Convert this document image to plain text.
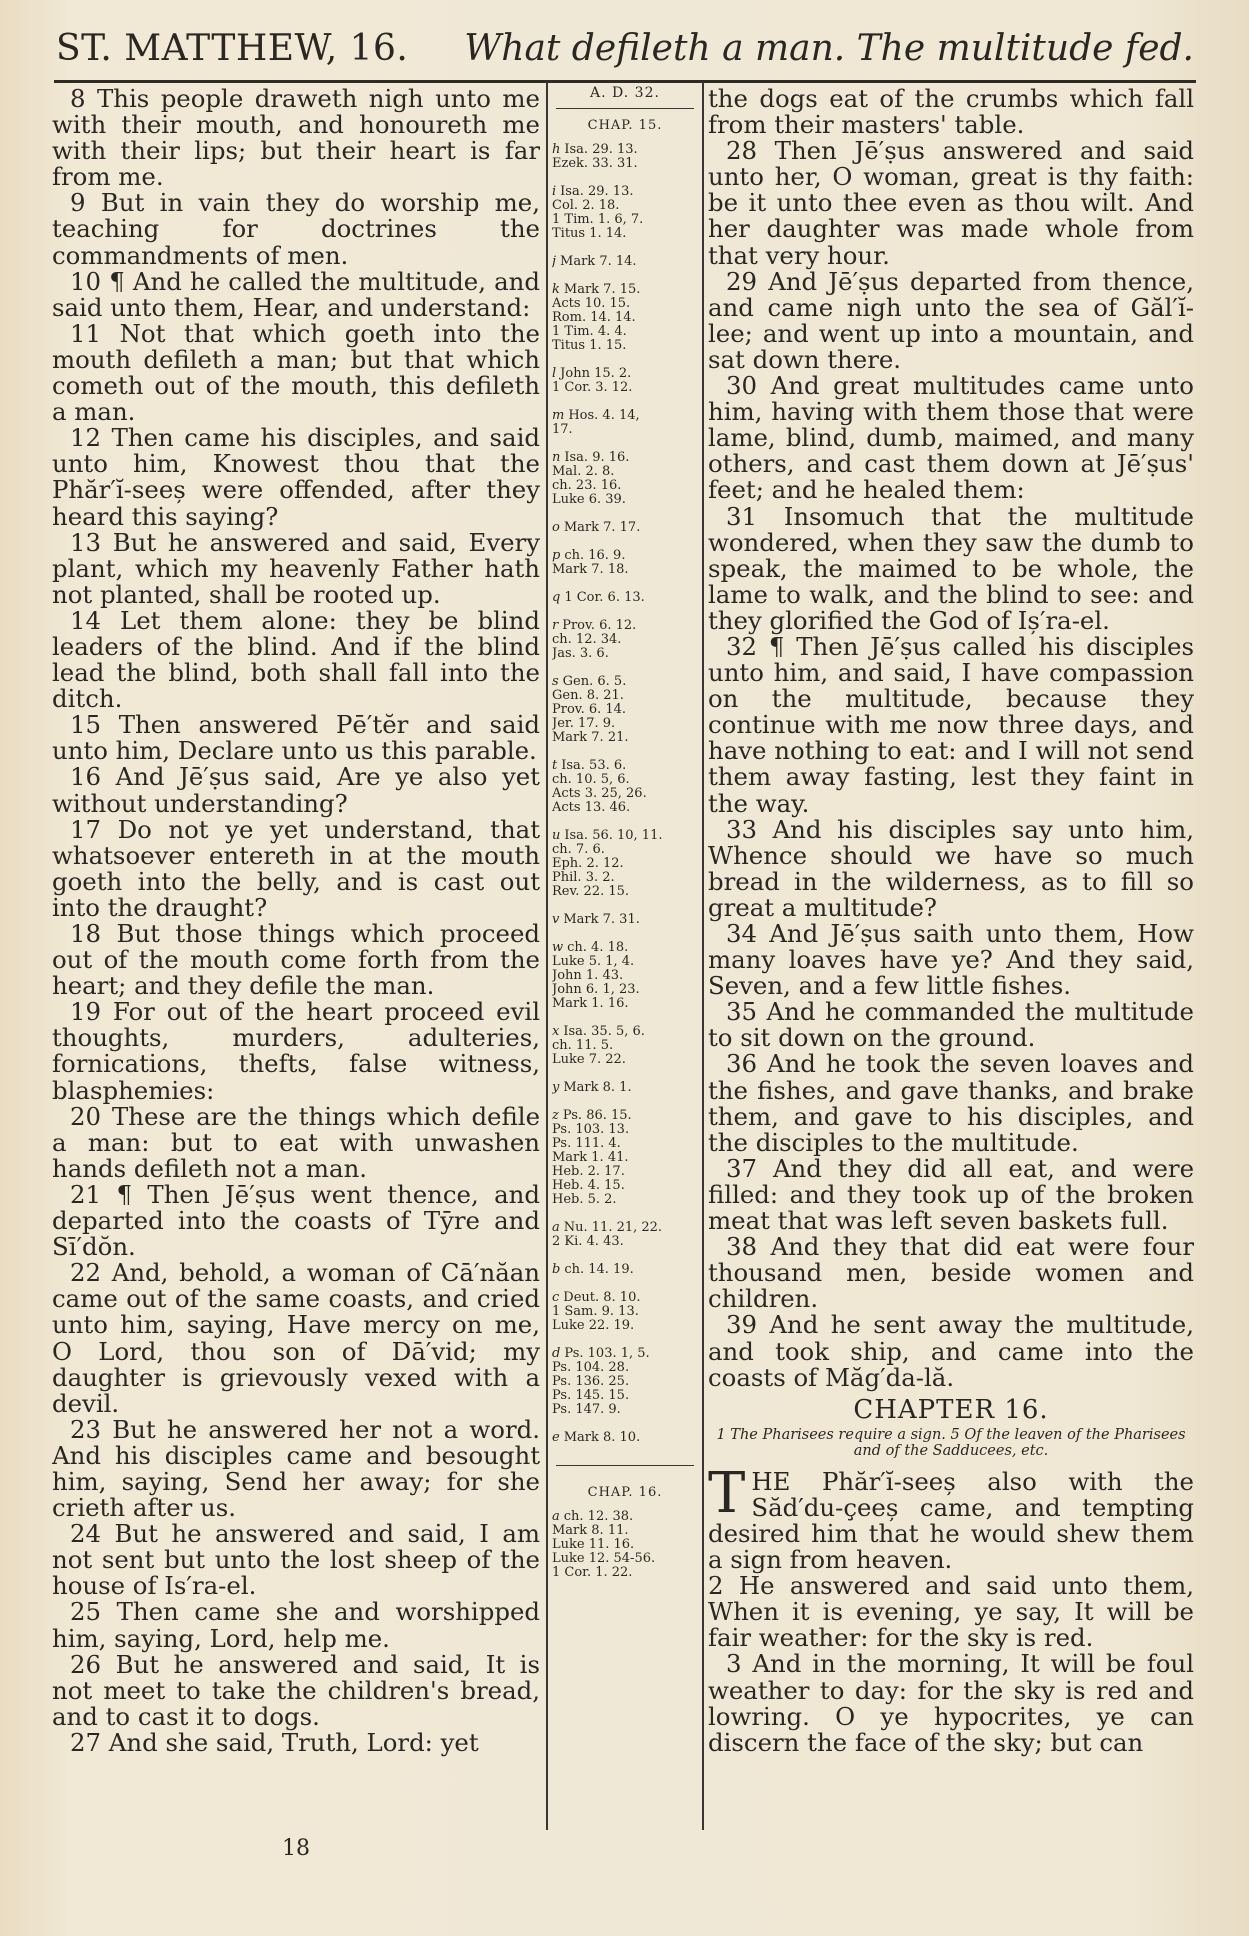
ST. MATTHEW, 16. What defileth a man. The multitude fed.

8 This people draweth nigh unto me with their mouth, and honoureth me with their lips; but their heart is far from me.

9 But in vain they do worship me, teaching for doctrines the commandments of men.

10 ¶ And he called the multitude, and said unto them, Hear, and understand:

11 Not that which goeth into the mouth defileth a man; but that which cometh out of the mouth, this defileth a man.

12 Then came his disciples, and said unto him, Knowest thou that the Phăr′ĭ-seeș were offended, after they heard this saying?

13 But he answered and said, Every plant, which my heavenly Father hath not planted, shall be rooted up.

14 Let them alone: they be blind leaders of the blind. And if the blind lead the blind, both shall fall into the ditch.

15 Then answered Pē′tĕr and said unto him, Declare unto us this parable.

16 And Jē′ṣus said, Are ye also yet without understanding?

17 Do not ye yet understand, that whatsoever entereth in at the mouth goeth into the belly, and is cast out into the draught?

18 But those things which proceed out of the mouth come forth from the heart; and they defile the man.

19 For out of the heart proceed evil thoughts, murders, adulteries, fornications, thefts, false witness, blasphemies:

20 These are the things which defile a man: but to eat with unwashen hands defileth not a man.

21 ¶ Then Jē′ṣus went thence, and departed into the coasts of Tȳre and Sī′dŏn.

22 And, behold, a woman of Cā′năan came out of the same coasts, and cried unto him, saying, Have mercy on me, O Lord, thou son of Dā′vid; my daughter is grievously vexed with a devil.

23 But he answered her not a word. And his disciples came and besought him, saying, Send her away; for she crieth after us.

24 But he answered and said, I am not sent but unto the lost sheep of the house of Is′ra-el.

25 Then came she and worshipped him, saying, Lord, help me.

26 But he answered and said, It is not meet to take the children's bread, and to cast it to dogs.

27 And she said, Truth, Lord: yet

A. D. 32.
CHAP. 15.
h Isa. 29. 13.
Ezek. 33. 31.
i Isa. 29. 13.
Col. 2. 18.
1 Tim. 1. 6, 7.
Titus 1. 14.
j Mark 7. 14.
k Mark 7. 15.
Acts 10. 15.
Rom. 14. 14.
1 Tim. 4. 4.
Titus 1. 15.
l John 15. 2.
1 Cor. 3. 12.
m Hos. 4. 14,
17.
n Isa. 9. 16.
Mal. 2. 8.
ch. 23. 16.
Luke 6. 39.
o Mark 7. 17.
p ch. 16. 9.
Mark 7. 18.
q 1 Cor. 6. 13.
r Prov. 6. 12.
ch. 12. 34.
Jas. 3. 6.
s Gen. 6. 5.
Gen. 8. 21.
Prov. 6. 14.
Jer. 17. 9.
Mark 7. 21.
t Isa. 53. 6.
ch. 10. 5, 6.
Acts 3. 25, 26.
Acts 13. 46.
u Isa. 56. 10, 11.
ch. 7. 6.
Eph. 2. 12.
Phil. 3. 2.
Rev. 22. 15.
v Mark 7. 31.
w ch. 4. 18.
Luke 5. 1, 4.
John 1. 43.
John 6. 1, 23.
Mark 1. 16.
x Isa. 35. 5, 6.
ch. 11. 5.
Luke 7. 22.
y Mark 8. 1.
z Ps. 86. 15.
Ps. 103. 13.
Ps. 111. 4.
Mark 1. 41.
Heb. 2. 17.
Heb. 4. 15.
Heb. 5. 2.
a Nu. 11. 21, 22.
2 Ki. 4. 43.
b ch. 14. 19.
c Deut. 8. 10.
1 Sam. 9. 13.
Luke 22. 19.
d Ps. 103. 1, 5.
Ps. 104. 28.
Ps. 136. 25.
Ps. 145. 15.
Ps. 147. 9.
e Mark 8. 10.
CHAP. 16.
a ch. 12. 38.
Mark 8. 11.
Luke 11. 16.
Luke 12. 54-56.
1 Cor. 1. 22.

the dogs eat of the crumbs which fall from their masters' table.

28 Then Jē′ṣus answered and said unto her, O woman, great is thy faith: be it unto thee even as thou wilt. And her daughter was made whole from that very hour.

29 And Jē′ṣus departed from thence, and came nigh unto the sea of Găl′ĭ-lee; and went up into a mountain, and sat down there.

30 And great multitudes came unto him, having with them those that were lame, blind, dumb, maimed, and many others, and cast them down at Jē′ṣus' feet; and he healed them:

31 Insomuch that the multitude wondered, when they saw the dumb to speak, the maimed to be whole, the lame to walk, and the blind to see: and they glorified the God of Iș′ra-el.

32 ¶ Then Jē′ṣus called his disciples unto him, and said, I have compassion on the multitude, because they continue with me now three days, and have nothing to eat: and I will not send them away fasting, lest they faint in the way.

33 And his disciples say unto him, Whence should we have so much bread in the wilderness, as to fill so great a multitude?

34 And Jē′ṣus saith unto them, How many loaves have ye? And they said, Seven, and a few little fishes.

35 And he commanded the multitude to sit down on the ground.

36 And he took the seven loaves and the fishes, and gave thanks, and brake them, and gave to his disciples, and the disciples to the multitude.

37 And they did all eat, and were filled: and they took up of the broken meat that was left seven baskets full.

38 And they that did eat were four thousand men, beside women and children.

39 And he sent away the multitude, and took ship, and came into the coasts of Măg′da-lă.

CHAPTER 16.
1 The Pharisees require a sign. 5 Of the leaven of the Pharisees and of the Sadducees, etc.

THE Phăr′ĭ-seeș also with the Săd′du-çeeș came, and tempting desired him that he would shew them a sign from heaven.

2 He answered and said unto them, When it is evening, ye say, It will be fair weather: for the sky is red.

3 And in the morning, It will be foul weather to day: for the sky is red and lowring. O ye hypocrites, ye can discern the face of the sky; but can

18
